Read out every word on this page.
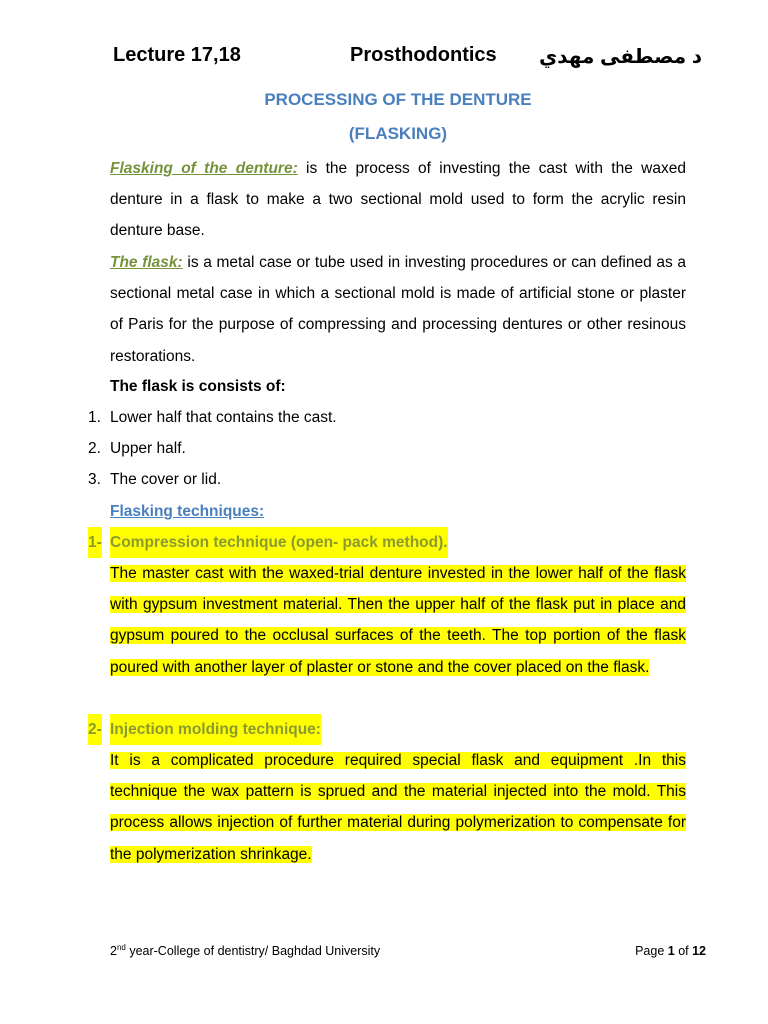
Lecture 17,18	Prosthodontics د مصطفى مهدي
PROCESSING OF THE DENTURE
(FLASKING)

Flasking of the denture: is the process of investing the cast with the waxed denture in a flask to make a two sectional mold used to form the acrylic resin denture base.

The flask: is a metal case or tube used in investing procedures or can defined as a sectional metal case in which a sectional mold is made of artificial stone or plaster of Paris for the purpose of compressing and processing dentures or other resinous restorations.

The flask is consists of:
1. Lower half that contains the cast.
2. Upper half.
3. The cover or lid.
Flasking techniques:
1- Compression technique (open- pack method).

The master cast with the waxed-trial denture invested in the lower half of the flask with gypsum investment material. Then the upper half of the flask put in place and gypsum poured to the occlusal surfaces of the teeth. The top portion of the flask poured with another layer of plaster or stone and the cover placed on the flask.

2- Injection molding technique:

It is a complicated procedure required special flask and equipment .In this technique the wax pattern is sprued and the material injected into the mold. This process allows injection of further material during polymerization to compensate for the polymerization shrinkage.

2nd year-College of dentistry/ Baghdad University	Page 1 of 12
